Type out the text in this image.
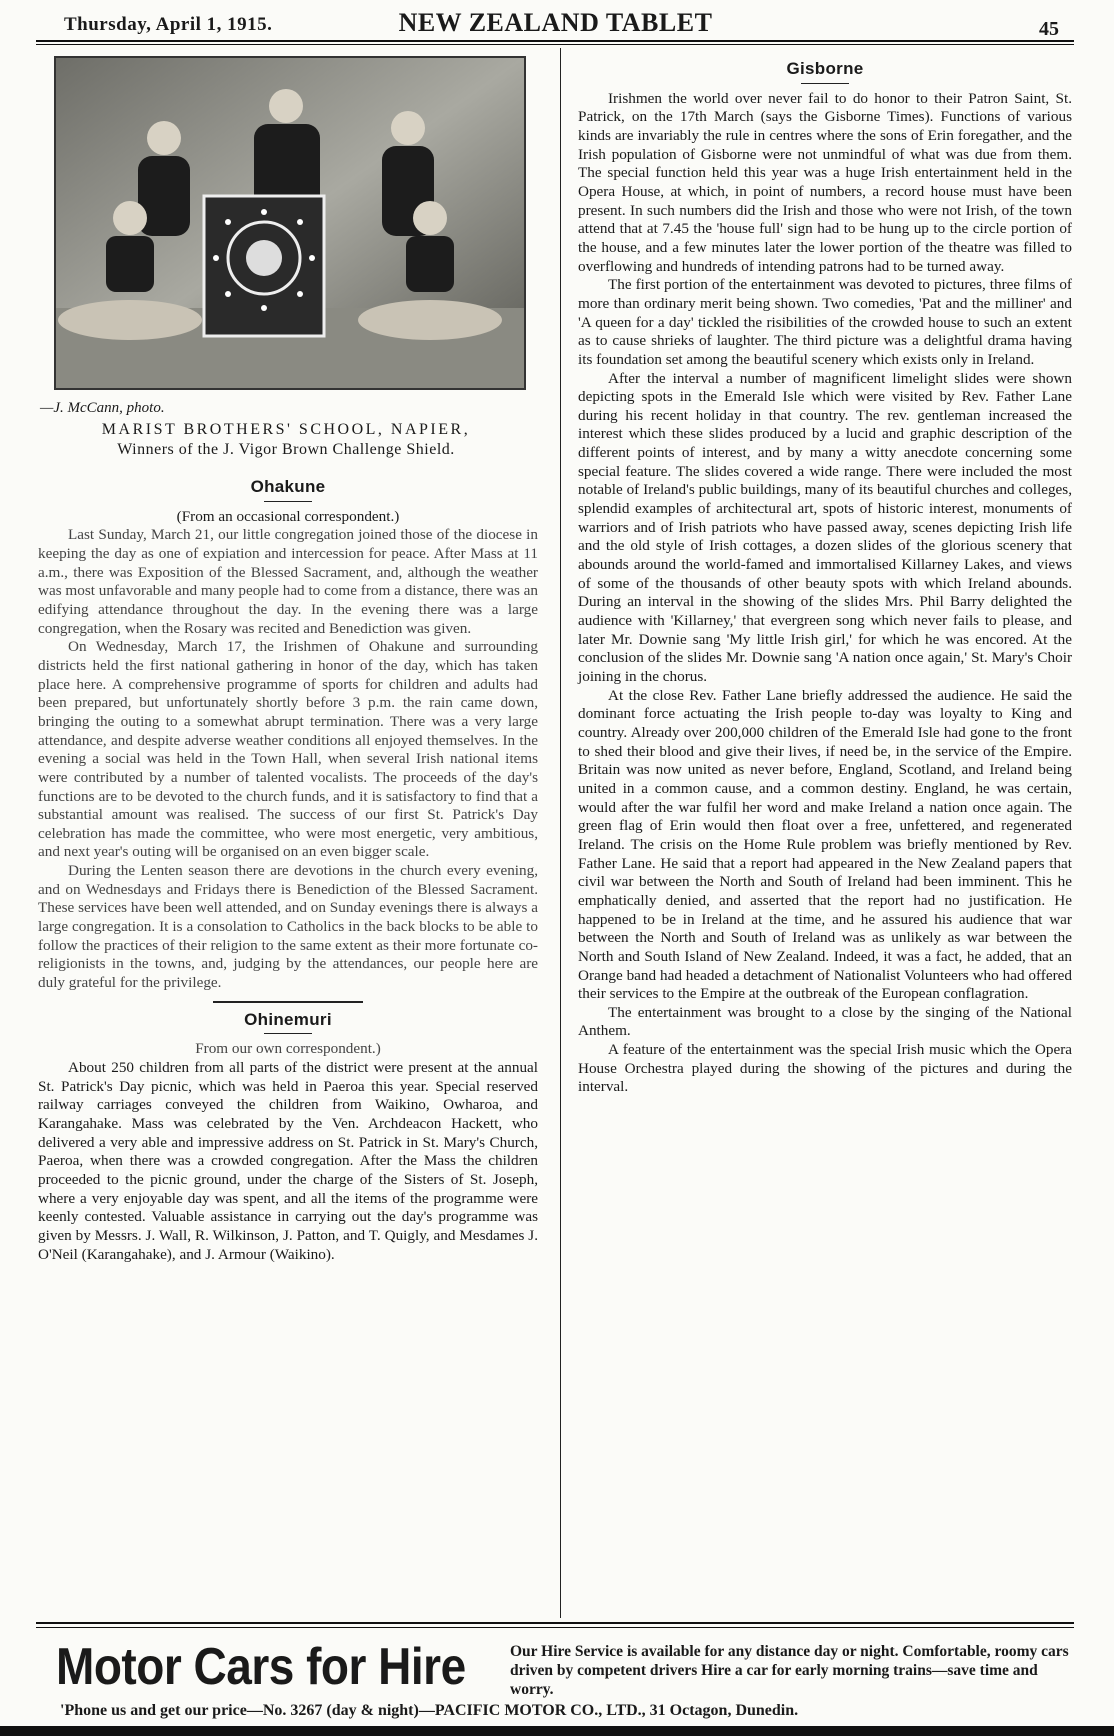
Thursday, April 1, 1915.	NEW ZEALAND TABLET	45
—J. McCann, photo.
MARIST BROTHERS' SCHOOL, NAPIER,
Winners of the J. Vigor Brown Challenge Shield.
Ohakune

(From an occasional correspondent.)

Last Sunday, March 21, our little congregation joined those of the diocese in keeping the day as one of expiation and intercession for peace. After Mass at 11 a.m., there was Exposition of the Blessed Sacrament, and, although the weather was most unfavorable and many people had to come from a distance, there was an edifying attendance throughout the day. In the evening there was a large congregation, when the Rosary was recited and Benediction was given.

On Wednesday, March 17, the Irishmen of Ohakune and surrounding districts held the first national gathering in honor of the day, which has taken place here. A comprehensive programme of sports for children and adults had been prepared, but unfortunately shortly before 3 p.m. the rain came down, bringing the outing to a somewhat abrupt termination. There was a very large attendance, and despite adverse weather conditions all enjoyed themselves. In the evening a social was held in the Town Hall, when several Irish national items were contributed by a number of talented vocalists. The proceeds of the day's functions are to be devoted to the church funds, and it is satisfactory to find that a substantial amount was realised. The success of our first St. Patrick's Day celebration has made the committee, who were most energetic, very ambitious, and next year's outing will be organised on an even bigger scale.

During the Lenten season there are devotions in the church every evening, and on Wednesdays and Fridays there is Benediction of the Blessed Sacrament. These services have been well attended, and on Sunday evenings there is always a large congregation. It is a consolation to Catholics in the back blocks to be able to follow the practices of their religion to the same extent as their more fortunate co-religionists in the towns, and, judging by the attendances, our people here are duly grateful for the privilege.

Ohinemuri

From our own correspondent.)

About 250 children from all parts of the district were present at the annual St. Patrick's Day picnic, which was held in Paeroa this year. Special reserved railway carriages conveyed the children from Waikino, Owharoa, and Karangahake. Mass was celebrated by the Ven. Archdeacon Hackett, who delivered a very able and impressive address on St. Patrick in St. Mary's Church, Paeroa, when there was a crowded congregation. After the Mass the children proceeded to the picnic ground, under the charge of the Sisters of St. Joseph, where a very enjoyable day was spent, and all the items of the programme were keenly contested. Valuable assistance in carrying out the day's programme was given by Messrs. J. Wall, R. Wilkinson, J. Patton, and T. Quigly, and Mesdames J. O'Neil (Karangahake), and J. Armour (Waikino).

Gisborne

Irishmen the world over never fail to do honor to their Patron Saint, St. Patrick, on the 17th March (says the Gisborne Times). Functions of various kinds are invariably the rule in centres where the sons of Erin foregather, and the Irish population of Gisborne were not unmindful of what was due from them. The special function held this year was a huge Irish entertainment held in the Opera House, at which, in point of numbers, a record house must have been present. In such numbers did the Irish and those who were not Irish, of the town attend that at 7.45 the 'house full' sign had to be hung up to the circle portion of the house, and a few minutes later the lower portion of the theatre was filled to overflowing and hundreds of intending patrons had to be turned away.

The first portion of the entertainment was devoted to pictures, three films of more than ordinary merit being shown. Two comedies, 'Pat and the milliner' and 'A queen for a day' tickled the risibilities of the crowded house to such an extent as to cause shrieks of laughter. The third picture was a delightful drama having its foundation set among the beautiful scenery which exists only in Ireland.

After the interval a number of magnificent limelight slides were shown depicting spots in the Emerald Isle which were visited by Rev. Father Lane during his recent holiday in that country. The rev. gentleman increased the interest which these slides produced by a lucid and graphic description of the different points of interest, and by many a witty anecdote concerning some special feature. The slides covered a wide range. There were included the most notable of Ireland's public buildings, many of its beautiful churches and colleges, splendid examples of architectural art, spots of historic interest, monuments of warriors and of Irish patriots who have passed away, scenes depicting Irish life and the old style of Irish cottages, a dozen slides of the glorious scenery that abounds around the world-famed and immortalised Killarney Lakes, and views of some of the thousands of other beauty spots with which Ireland abounds. During an interval in the showing of the slides Mrs. Phil Barry delighted the audience with 'Killarney,' that evergreen song which never fails to please, and later Mr. Downie sang 'My little Irish girl,' for which he was encored. At the conclusion of the slides Mr. Downie sang 'A nation once again,' St. Mary's Choir joining in the chorus.

At the close Rev. Father Lane briefly addressed the audience. He said the dominant force actuating the Irish people to-day was loyalty to King and country. Already over 200,000 children of the Emerald Isle had gone to the front to shed their blood and give their lives, if need be, in the service of the Empire. Britain was now united as never before, England, Scotland, and Ireland being united in a common cause, and a common destiny. England, he was certain, would after the war fulfil her word and make Ireland a nation once again. The green flag of Erin would then float over a free, unfettered, and regenerated Ireland. The crisis on the Home Rule problem was briefly mentioned by Rev. Father Lane. He said that a report had appeared in the New Zealand papers that civil war between the North and South of Ireland had been imminent. This he emphatically denied, and asserted that the report had no justification. He happened to be in Ireland at the time, and he assured his audience that war between the North and South of Ireland was as unlikely as war between the North and South Island of New Zealand. Indeed, it was a fact, he added, that an Orange band had headed a detachment of Nationalist Volunteers who had offered their services to the Empire at the outbreak of the European conflagration.

The entertainment was brought to a close by the singing of the National Anthem.

A feature of the entertainment was the special Irish music which the Opera House Orchestra played during the showing of the pictures and during the interval.

Motor Cars for Hire	Our Hire Service is available for any distance day or night. Comfortable, roomy cars driven by competent drivers Hire a car for early morning trains—save time and worry.
'Phone us and get our price—No. 3267 (day & night)—PACIFIC MOTOR CO., LTD., 31 Octagon, Dunedin.
